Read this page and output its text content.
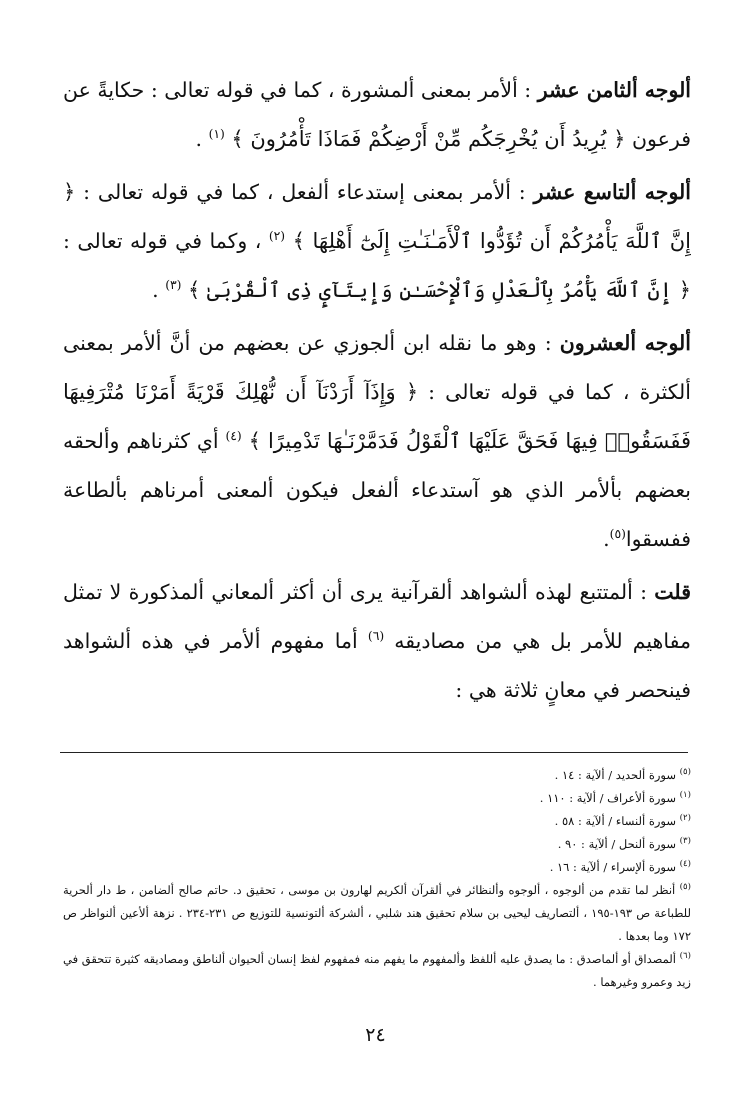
ألوجه ألثامن عشر : ألأمر بمعنى ألمشورة ، كما في قوله تعالى : حكايةً عن فرعون ﴿ يُرِيدُ أَن يُخْرِجَكُم مِّنْ أَرْضِكُمْ فَمَاذَا تَأْمُرُونَ ﴾ $^{(١)}$ .

ألوجه ألتاسع عشر : ألأمر بمعنى إستدعاء ألفعل ، كما في قوله تعالى : ﴿ إِنَّ ٱللَّهَ يَأْمُرُكُمْ أَن تُؤَدُّوا ٱلْأَمَـٰنَـٰتِ إِلَىٰٓ أَهْلِهَا ﴾ $^{(٢)}$ ، وكما في قوله تعالى : ﴿ إِنَّ ٱللَّهَ يَأْمُرُ بِٱلْعَدْلِ وَٱلْإِحْسَـٰنِ وَإِيتَآىِٕ ذِى ٱلْقُرْبَىٰ ﴾ $^{(٣)}$ .

ألوجه ألعشرون : وهو ما نقله ابن ألجوزي عن بعضهم من أنَّ ألأمر بمعنى ألكثرة ، كما في قوله تعالى : ﴿ وَإِذَآ أَرَدْنَآ أَن نُّهْلِكَ قَرْيَةً أَمَرْنَا مُتْرَفِيهَا فَفَسَقُوا۟ فِيهَا فَحَقَّ عَلَيْهَا ٱلْقَوْلُ فَدَمَّرْنَـٰهَا تَدْمِيرًا ﴾ $^{(٤)}$ أي كثرناهم وألحقه بعضهم بألأمر الذي هو آستدعاء ألفعل فيكون ألمعنى أمرناهم بألطاعة ففسقوا$^{(٥)}$.

قلت : ألمتتبع لهذه ألشواهد ألقرآنية يرى أن أكثر ألمعاني ألمذكورة لا تمثل مفاهيم للأمر بل هي من مصاديقه $^{(٦)}$ أما مفهوم ألأمر في هذه ألشواهد فينحصر في معانٍ ثلاثة هي :

$^{(٥)}$ سورة ألحديد / ألآية : ١٤ .

$^{(١)}$ سورة ألأعراف / ألآية : ١١٠ .

$^{(٢)}$ سورة ألنساء / ألآية : ٥٨ .

$^{(٣)}$ سورة ألنحل / ألآية : ٩٠ .

$^{(٤)}$ سورة ألإسراء / ألآية : ١٦ .

$^{(٥)}$ أنظر لما تقدم من ألوجوه ، ألوجوه وألنظائر في ألقرآن ألكريم لهارون بن موسى ، تحقيق د. حاتم صالح ألضامن ، ط دار ألحرية للطباعة ص ١٩٣-١٩٥ ، ألتصاريف ليحيى بن سلام تحقيق هند شلبي ، ألشركة ألتونسية للتوزيع ص ٢٣١-٢٣٤ . نزهة ألأعين ألنواظر ص ١٧٢ وما بعدها .

$^{(٦)}$ ألمصداق أو ألماصدق : ما يصدق عليه أللفظ وألمفهوم ما يفهم منه فمفهوم لفظ إنسان ألحيوان ألناطق ومصاديقه كثيرة تتحقق في زيد وعمرو وغيرهما .

٢٤
